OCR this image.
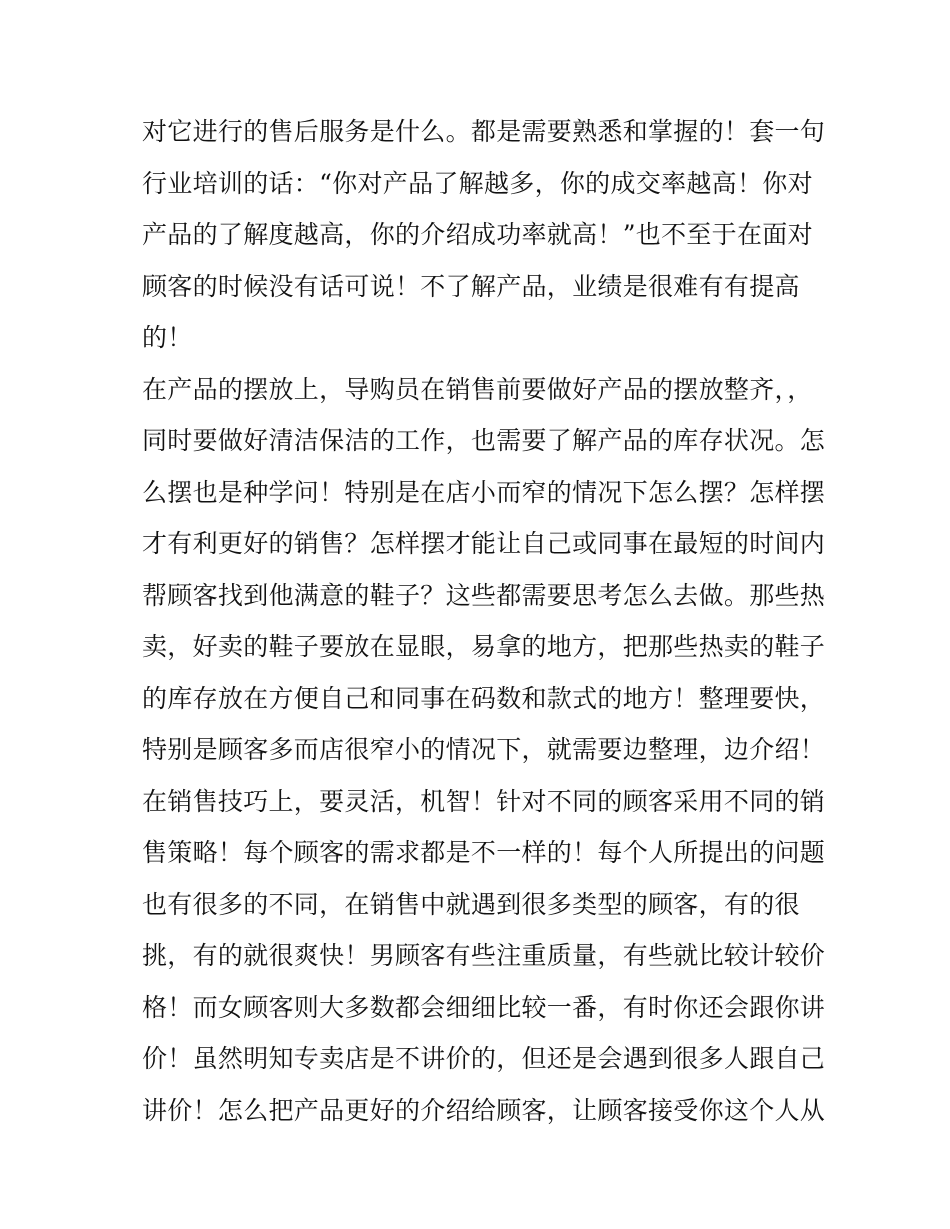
对它进行的售后服务是什么。都是需要熟悉和掌握的！套一句
行业培训的话：“你对产品了解越多，你的成交率越高！你对
产品的了解度越高，你的介绍成功率就高！”也不至于在面对
顾客的时候没有话可说！不了解产品，业绩是很难有有提高
的！
在产品的摆放上，导购员在销售前要做好产品的摆放整齐，，
同时要做好清洁保洁的工作，也需要了解产品的库存状况。怎
么摆也是种学问！特别是在店小而窄的情况下怎么摆？怎样摆
才有利更好的销售？怎样摆才能让自己或同事在最短的时间内
帮顾客找到他满意的鞋子？这些都需要思考怎么去做。那些热
卖，好卖的鞋子要放在显眼，易拿的地方，把那些热卖的鞋子
的库存放在方便自己和同事在码数和款式的地方！整理要快，
特别是顾客多而店很窄小的情况下，就需要边整理，边介绍！
在销售技巧上，要灵活，机智！针对不同的顾客采用不同的销
售策略！每个顾客的需求都是不一样的！每个人所提出的问题
也有很多的不同，在销售中就遇到很多类型的顾客，有的很
挑，有的就很爽快！男顾客有些注重质量，有些就比较计较价
格！而女顾客则大多数都会细细比较一番，有时你还会跟你讲
价！虽然明知专卖店是不讲价的，但还是会遇到很多人跟自己
讲价！怎么把产品更好的介绍给顾客，让顾客接受你这个人从
